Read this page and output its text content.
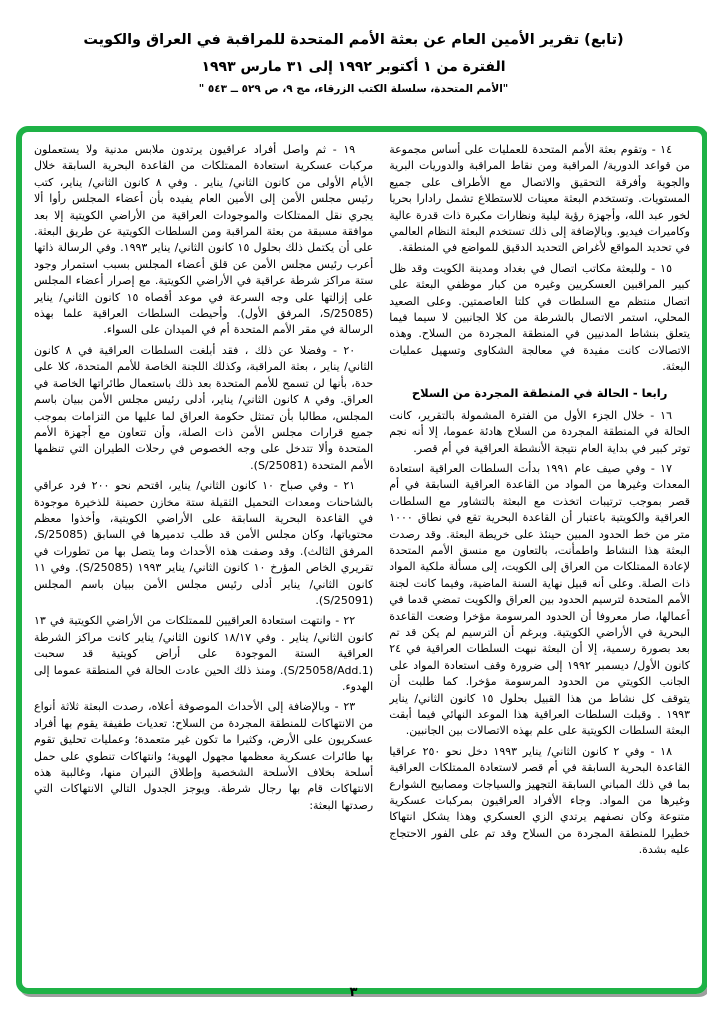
(تابع) تقرير الأمين العام عن بعثة الأمم المتحدة للمراقبة في العراق والكويت
الفترة من ١ أكتوبر ١٩٩٢ إلى ٣١ مارس ١٩٩٣
"الأمم المتحدة، سلسلة الكتب الزرقاء، مج ٩، ص ٥٢٩ ــ ٥٤٣ "

١٤ - وتقوم بعثة الأمم المتحدة للعمليات على أساس مجموعة من قواعد الدورية/ المراقبة ومن نقاط المراقبة والدوريات البرية والجوية وأفرقة التحقيق والاتصال مع الأطراف على جميع المستويات. وتستخدم البعثة معينات للاستطلاع تشمل رادارا بحريا لخور عبد الله، وأجهزة رؤية ليلية ونظارات مكبرة ذات قدرة عالية وكاميرات فيديو. وبالإضافة إلى ذلك تستخدم البعثة النظام العالمي في تحديد المواقع لأغراض التحديد الدقيق للمواضع في المنطقة.

١٥ - وللبعثة مكاتب اتصال في بغداد ومدينة الكويت وقد ظل كبير المراقبين العسكريين وغيره من كبار موظفي البعثة على اتصال منتظم مع السلطات في كلتا العاصمتين. وعلى الصعيد المحلي، استمر الاتصال بالشرطة من كلا الجانبين لا سيما فيما يتعلق بنشاط المدنيين في المنطقة المجردة من السلاح. وهذه الاتصالات كانت مفيدة في معالجة الشكاوى وتسهيل عمليات البعثة.

رابعا - الحالة في المنطقة المجردة من السلاح

١٦ - خلال الجزء الأول من الفترة المشمولة بالتقرير، كانت الحالة في المنطقة المجردة من السلاح هادئة عموما، إلا أنه نجم توتر كبير في بداية العام نتيجة الأنشطة العراقية في أم قصر.

١٧ - وفي صيف عام ١٩٩١ بدأت السلطات العراقية استعادة المعدات وغيرها من المواد من القاعدة العراقية السابقة في أم قصر بموجب ترتيبات اتخذت مع البعثة بالتشاور مع السلطات العراقية والكويتية باعتبار أن القاعدة البحرية تقع في نطاق ١٠٠٠ متر من خط الحدود المبين حينئذ على خريطة البعثة. وقد رصدت البعثة هذا النشاط واطمأنت، بالتعاون مع منسق الأمم المتحدة لإعادة الممتلكات من العراق إلى الكويت، إلى مسألة ملكية المواد ذات الصلة. وعلى أنه قبيل نهاية السنة الماضية، وفيما كانت لجنة الأمم المتحدة لترسيم الحدود بين العراق والكويت تمضي قدما في أعمالها، صار معروفا أن الحدود المرسومة مؤخرا وضعت القاعدة البحرية في الأراضي الكويتية. وبرغم أن الترسيم لم يكن قد تم بعد بصورة رسمية، إلا أن البعثة نبهت السلطات العراقية في ٢٤ كانون الأول/ ديسمبر ١٩٩٢ إلى ضرورة وقف استعادة المواد على الجانب الكويتي من الحدود المرسومة مؤخرا. كما طلبت أن يتوقف كل نشاط من هذا القبيل بحلول ١٥ كانون الثاني/ يناير ١٩٩٣ . وقبلت السلطات العراقية هذا الموعد النهائي فيما أبقت البعثة السلطات الكويتية على علم بهذه الاتصالات بين الجانبين.

١٨ - وفي ٢ كانون الثاني/ يناير ١٩٩٣ دخل نحو ٢٥٠ عراقيا القاعدة البحرية السابقة في أم قصر لاستعادة الممتلكات العراقية بما في ذلك المباني السابقة التجهيز والسياجات ومصابيح الشوارع وغيرها من المواد. وجاء الأفراد العراقيون بمركبات عسكرية متنوعة وكان نصفهم يرتدي الزي العسكري وهذا يشكل انتهاكا خطيرا للمنطقة المجردة من السلاح وقد تم على الفور الاحتجاج عليه بشدة.

١٩ - ثم واصل أفراد عراقيون يرتدون ملابس مدنية ولا يستعملون مركبات عسكرية استعادة الممتلكات من القاعدة البحرية السابقة خلال الأيام الأولى من كانون الثاني/ يناير . وفي ٨ كانون الثاني/ يناير، كتب رئيس مجلس الأمن إلى الأمين العام يفيده بأن أعضاء المجلس رأوا ألا يجري نقل الممتلكات والموجودات العراقية من الأراضي الكويتية إلا بعد موافقة مسبقة من بعثة المراقبة ومن السلطات الكويتية عن طريق البعثة. على أن يكتمل ذلك بحلول ١٥ كانون الثاني/ يناير ١٩٩٣. وفي الرسالة ذاتها أعرب رئيس مجلس الأمن عن قلق أعضاء المجلس بسبب استمرار وجود ستة مراكز شرطة عراقية في الأراضي الكويتية. مع إصرار أعضاء المجلس على إزالتها على وجه السرعة في موعد أقصاه ١٥ كانون الثاني/ يناير (S/25085، المرفق الأول). وأحيطت السلطات العراقية علما بهذه الرسالة في مقر الأمم المتحدة أم في الميدان على السواء.

٢٠ - وفضلا عن ذلك ، فقد أبلغت السلطات العراقية في ٨ كانون الثاني/ يناير ، بعثة المراقبة، وكذلك اللجنة الخاصة للأمم المتحدة، كلا على حدة، بأنها لن تسمح للأمم المتحدة بعد ذلك باستعمال طائراتها الخاصة في العراق. وفي ٨ كانون الثاني/ يناير، أدلى رئيس مجلس الأمن ببيان باسم المجلس، مطالبا بأن تمتثل حكومة العراق لما عليها من التزامات بموجب جميع قرارات مجلس الأمن ذات الصلة، وأن تتعاون مع أجهزة الأمم المتحدة وألا تتدخل على وجه الخصوص في رحلات الطيران التي تنظمها الأمم المتحدة (S/25081).

٢١ - وفي صباح ١٠ كانون الثاني/ يناير، اقتحم نحو ٢٠٠ فرد عراقي بالشاحنات ومعدات التحميل الثقيلة ستة مخازن حصينة للذخيرة موجودة في القاعدة البحرية السابقة على الأراضي الكويتية، وأخذوا معظم محتوياتها، وكان مجلس الأمن قد طلب تدميرها في السابق (S/25085، المرفق الثالث). وقد وصفت هذه الأحداث وما يتصل بها من تطورات في تقريري الخاص المؤرخ ١٠ كانون الثاني/ يناير ١٩٩٣ (S/25085). وفي ١١ كانون الثاني/ يناير أدلى رئيس مجلس الأمن ببيان باسم المجلس (S/25091).

٢٢ - وانتهت استعادة العراقيين للممتلكات من الأراضي الكويتية في ١٣ كانون الثاني/ يناير . وفي ١٨/١٧ كانون الثاني/ يناير كانت مراكز الشرطة العراقية الستة الموجودة على أراض كويتية قد سحبت (S/25058/Add.1). ومنذ ذلك الحين عادت الحالة في المنطقة عموما إلى الهدوء.

٢٣ - وبالإضافة إلى الأحداث الموصوفة أعلاه، رصدت البعثة ثلاثة أنواع من الانتهاكات للمنطقة المجردة من السلاح: تعديات طفيفة يقوم بها أفراد عسكريون على الأرض، وكثيرا ما تكون غير متعمدة؛ وعمليات تحليق تقوم بها طائرات عسكرية معظمها مجهول الهوية؛ وانتهاكات تنطوي على حمل أسلحة بخلاف الأسلحة الشخصية وإطلاق النيران منها، وغالبية هذه الانتهاكات قام بها رجال شرطة. ويوجز الجدول التالي الانتهاكات التي رصدتها البعثة:

٣
